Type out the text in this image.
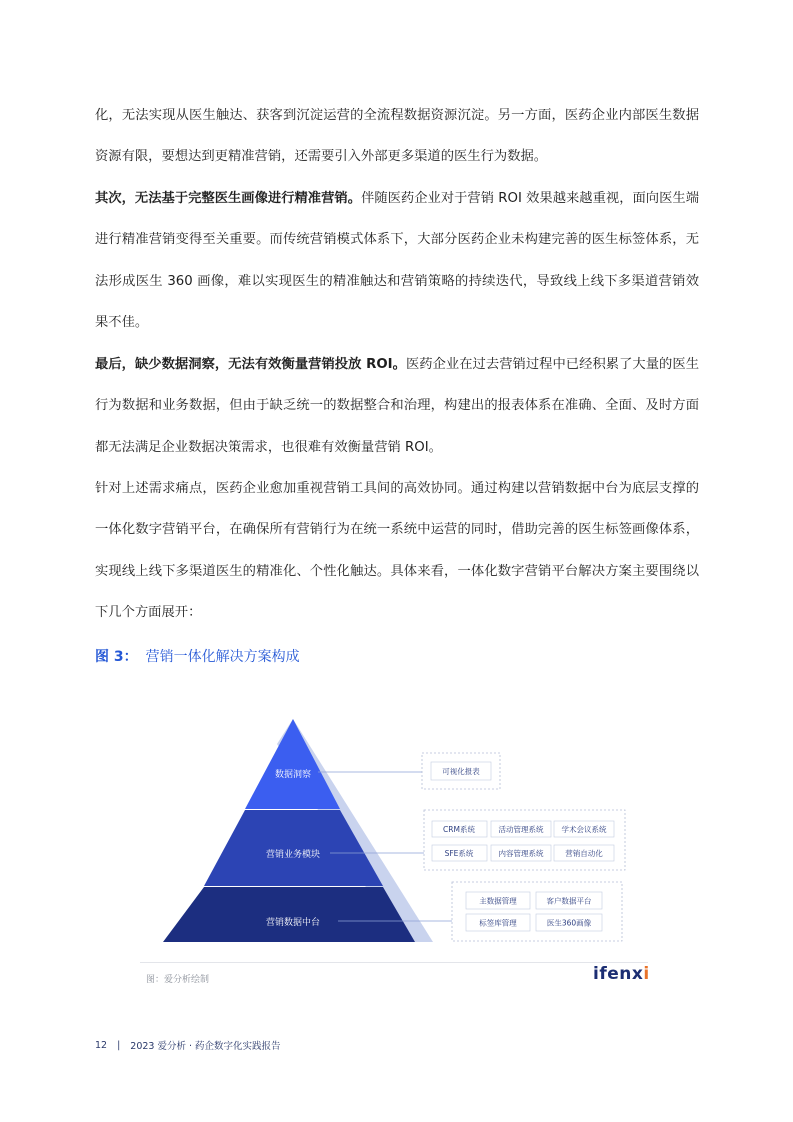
化，无法实现从医生触达、获客到沉淀运营的全流程数据资源沉淀。另一方面，医药企业内部医生数据资源有限，要想达到更精准营销，还需要引入外部更多渠道的医生行为数据。

其次，无法基于完整医生画像进行精准营销。伴随医药企业对于营销 ROI 效果越来越重视，面向医生端进行精准营销变得至关重要。而传统营销模式体系下，大部分医药企业未构建完善的医生标签体系，无法形成医生 360 画像，难以实现医生的精准触达和营销策略的持续迭代，导致线上线下多渠道营销效果不佳。

最后，缺少数据洞察，无法有效衡量营销投放 ROI。医药企业在过去营销过程中已经积累了大量的医生行为数据和业务数据，但由于缺乏统一的数据整合和治理，构建出的报表体系在准确、全面、及时方面都无法满足企业数据决策需求，也很难有效衡量营销 ROI。

针对上述需求痛点，医药企业愈加重视营销工具间的高效协同。通过构建以营销数据中台为底层支撑的一体化数字营销平台，在确保所有营销行为在统一系统中运营的同时，借助完善的医生标签画像体系，实现线上线下多渠道医生的精准化、个性化触达。具体来看，一体化数字营销平台解决方案主要围绕以下几个方面展开：

图 3： 营销一体化解决方案构成
数据洞察
营销业务模块
营销数据中台
可视化报表
CRM系统	活动管理系统 学术会议系统
SFE系统	内容管理系统	营销自动化
主数据管理	客户数据平台
标签库管理	医生360画像
图：爱分析绘制	ifenxi
12 | 2023 爱分析 · 药企数字化实践报告
